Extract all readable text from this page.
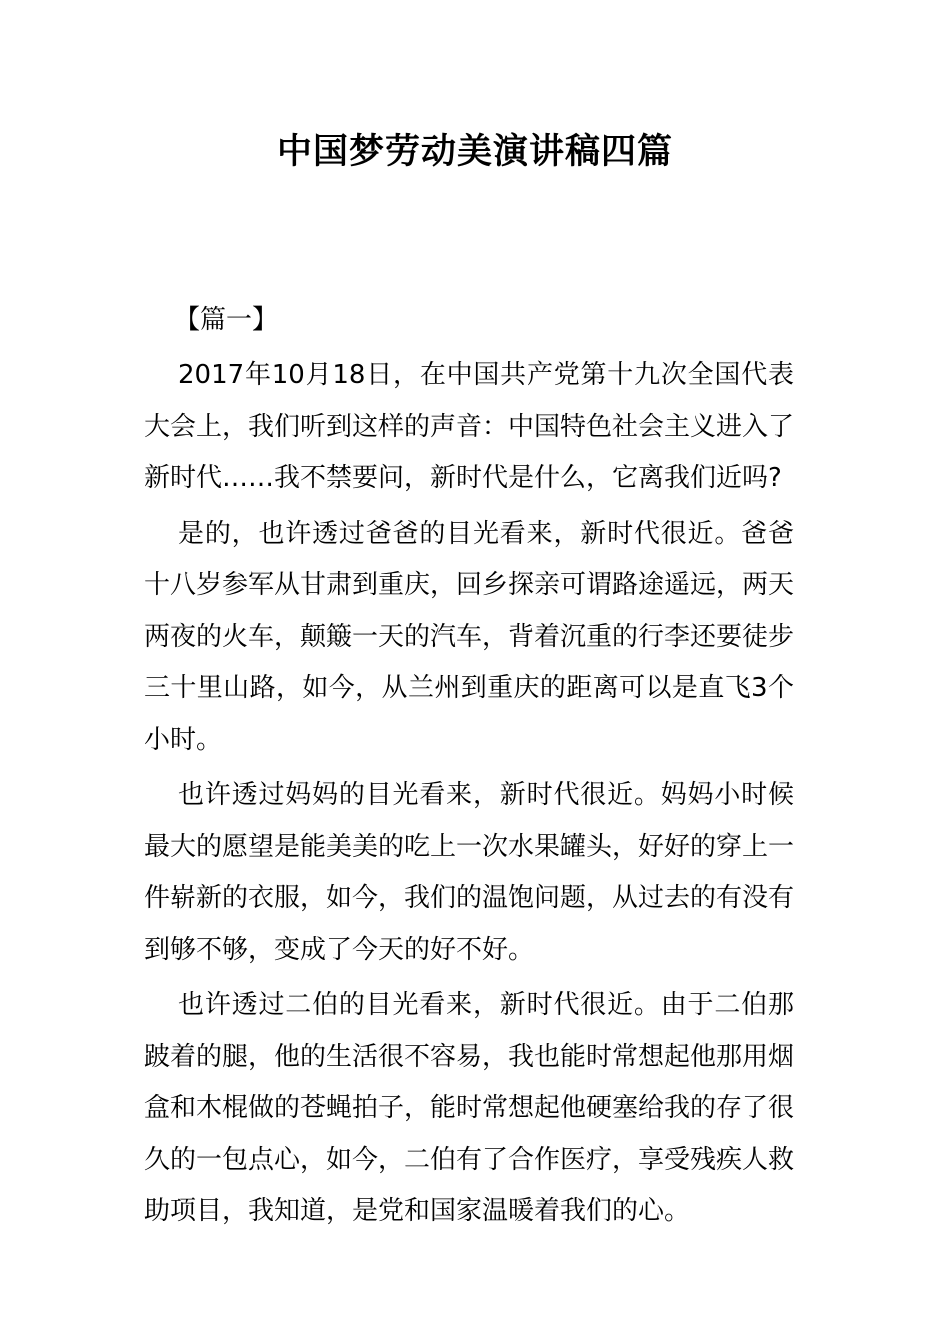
中国梦劳动美演讲稿四篇
【篇一】

2017年10月18日，在中国共产党第十九次全国代表大会上，我们听到这样的声音：中国特色社会主义进入了新时代……我不禁要问，新时代是什么，它离我们近吗?

是的，也许透过爸爸的目光看来，新时代很近。爸爸十八岁参军从甘肃到重庆，回乡探亲可谓路途遥远，两天两夜的火车，颠簸一天的汽车，背着沉重的行李还要徒步三十里山路，如今，从兰州到重庆的距离可以是直飞3个小时。

也许透过妈妈的目光看来，新时代很近。妈妈小时候最大的愿望是能美美的吃上一次水果罐头，好好的穿上一件崭新的衣服，如今，我们的温饱问题，从过去的有没有到够不够，变成了今天的好不好。

也许透过二伯的目光看来，新时代很近。由于二伯那跛着的腿，他的生活很不容易，我也能时常想起他那用烟盒和木棍做的苍蝇拍子，能时常想起他硬塞给我的存了很久的一包点心，如今，二伯有了合作医疗，享受残疾人救助项目，我知道，是党和国家温暖着我们的心。
